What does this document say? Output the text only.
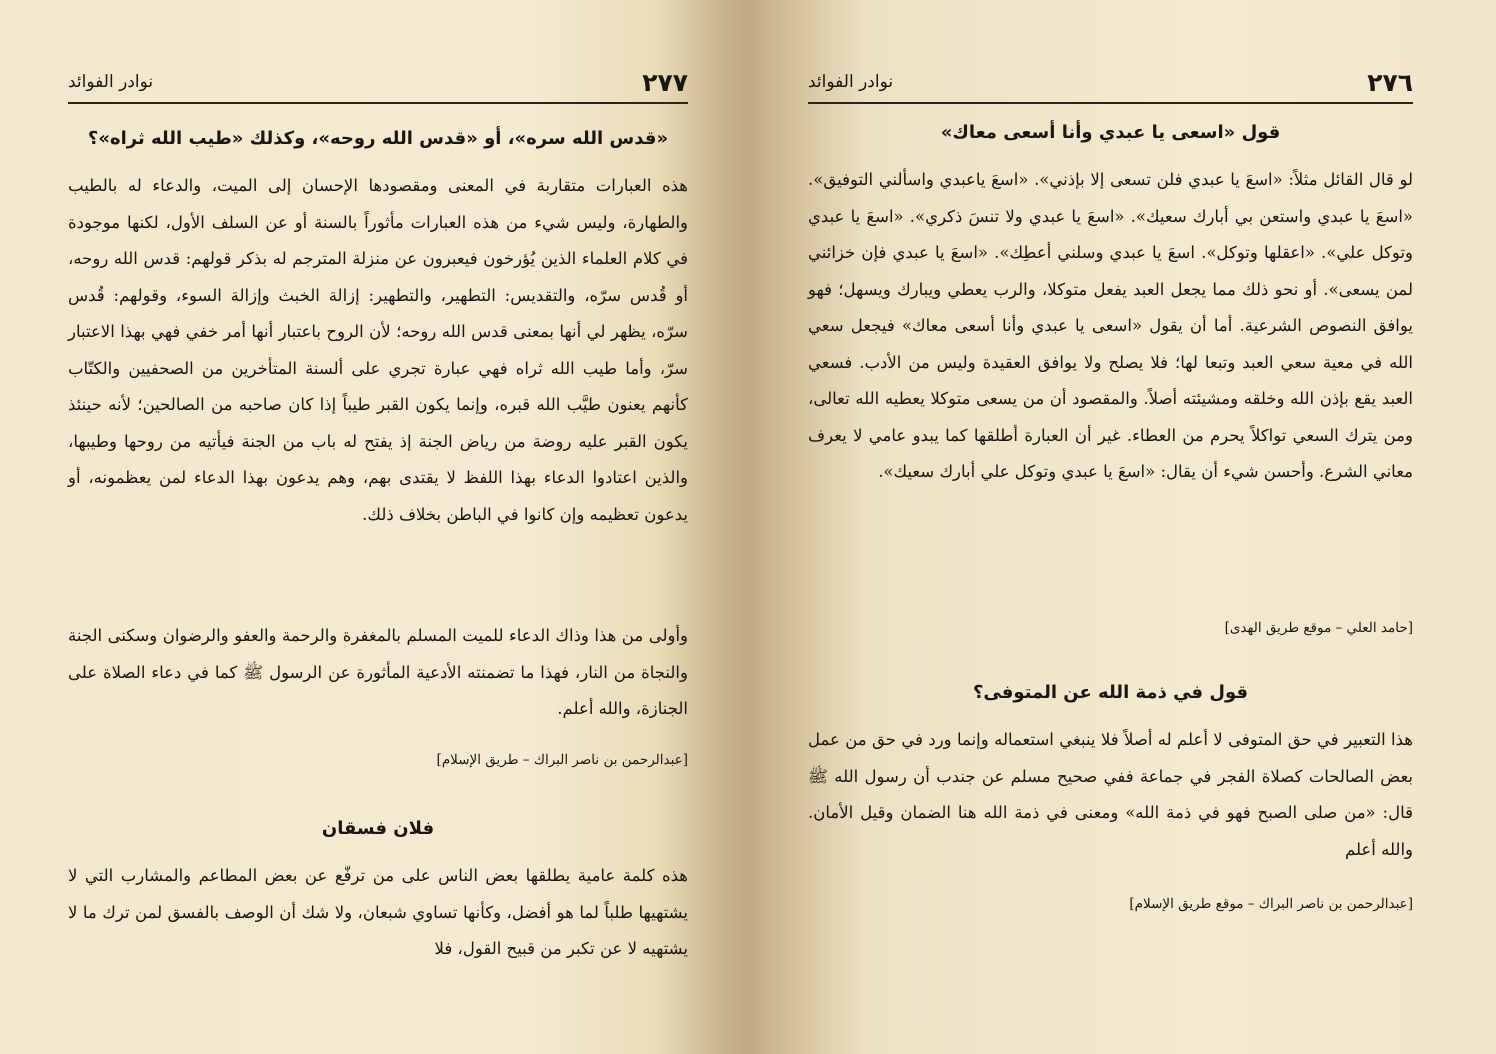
٢٧٧
نوادر الفوائد
«قدس الله سره»، أو «قدس الله روحه»، وكذلك «طيب الله ثراه»؟

هذه العبارات متقاربة في المعنى ومقصودها الإحسان إلى الميت، والدعاء له بالطيب والطهارة، وليس شيء من هذه العبارات مأثوراً بالسنة أو عن السلف الأول، لكنها موجودة في كلام العلماء الذين يُؤرخون فيعبرون عن منزلة المترجم له بذكر قولهم: قدس الله روحه، أو قُدس سرّه، والتقديس: التطهير، والتطهير: إزالة الخبث وإزالة السوء، وقولهم: قُدس سرّه، يظهر لي أنها بمعنى قدس الله روحه؛ لأن الروح باعتبار أنها أمر خفي فهي بهذا الاعتبار سرّ، وأما طيب الله ثراه فهي عبارة تجري على ألسنة المتأخرين من الصحفيين والكتّاب كأنهم يعنون طيَّب الله قبره، وإنما يكون القبر طيباً إذا كان صاحبه من الصالحين؛ لأنه حينئذ يكون القبر عليه روضة من رياض الجنة إذ يفتح له باب من الجنة فيأتيه من روحها وطيبها، والذين اعتادوا الدعاء بهذا اللفظ لا يقتدى بهم، وهم يدعون بهذا الدعاء لمن يعظمونه، أو يدعون تعظيمه وإن كانوا في الباطن بخلاف ذلك.

وأولى من هذا وذاك الدعاء للميت المسلم بالمغفرة والرحمة والعفو والرضوان وسكنى الجنة والنجاة من النار، فهذا ما تضمنته الأدعية المأثورة عن الرسول ﷺ كما في دعاء الصلاة على الجنازة، والله أعلم.

[عبدالرحمن بن ناصر البراك – طريق الإسلام]

فلان فسقان

هذه كلمة عامية يطلقها بعض الناس على من ترفّع عن بعض المطاعم والمشارب التي لا يشتهيها طلباً لما هو أفضل، وكأنها تساوي شبعان، ولا شك أن الوصف بالفسق لمن ترك ما لا يشتهيه لا عن تكبر من قبيح القول، فلا

٢٧٦
نوادر الفوائد
قول «اسعى يا عبدي وأنا أسعى معاك»

لو قال القائل مثلاً: «اسعَ يا عبدي فلن تسعى إلا بإذني». «اسعَ ياعبدي واسألني التوفيق». «اسعَ يا عبدي واستعن بي أبارك سعيك». «اسعَ يا عبدي ولا تنسَ ذكري». «اسعَ يا عبدي وتوكل علي». «اعقلها وتوكل». اسعَ يا عبدي وسلني أعطِك». «اسعَ يا عبدي فإن خزائني لمن يسعى». أو نحو ذلك مما يجعل العبد يفعل متوكلا، والرب يعطي ويبارك ويسهل؛ فهو يوافق النصوص الشرعية. أما أن يقول «اسعى يا عبدي وأنا أسعى معاك» فيجعل سعي الله في معية سعي العبد وتبعا لها؛ فلا يصلح ولا يوافق العقيدة وليس من الأدب. فسعي العبد يقع بإذن الله وخلقه ومشيئته أصلاً. والمقصود أن من يسعى متوكلا يعطيه الله تعالى، ومن يترك السعي تواكلاً يحرم من العطاء. غير أن العبارة أطلقها كما يبدو عامي لا يعرف معاني الشرع. وأحسن شيء أن يقال: «اسعَ يا عبدي وتوكل علي أبارك سعيك».

[حامد العلي – موقع طريق الهدى]

قول في ذمة الله عن المتوفى؟

هذا التعبير في حق المتوفى لا أعلم له أصلاً فلا ينبغي استعماله وإنما ورد في حق من عمل بعض الصالحات كصلاة الفجر في جماعة ففي صحيح مسلم عن جندب أن رسول الله ﷺ قال: «من صلى الصبح فهو في ذمة الله» ومعنى في ذمة الله هنا الضمان وقيل الأمان. والله أعلم

[عبدالرحمن بن ناصر البراك – موقع طريق الإسلام]
